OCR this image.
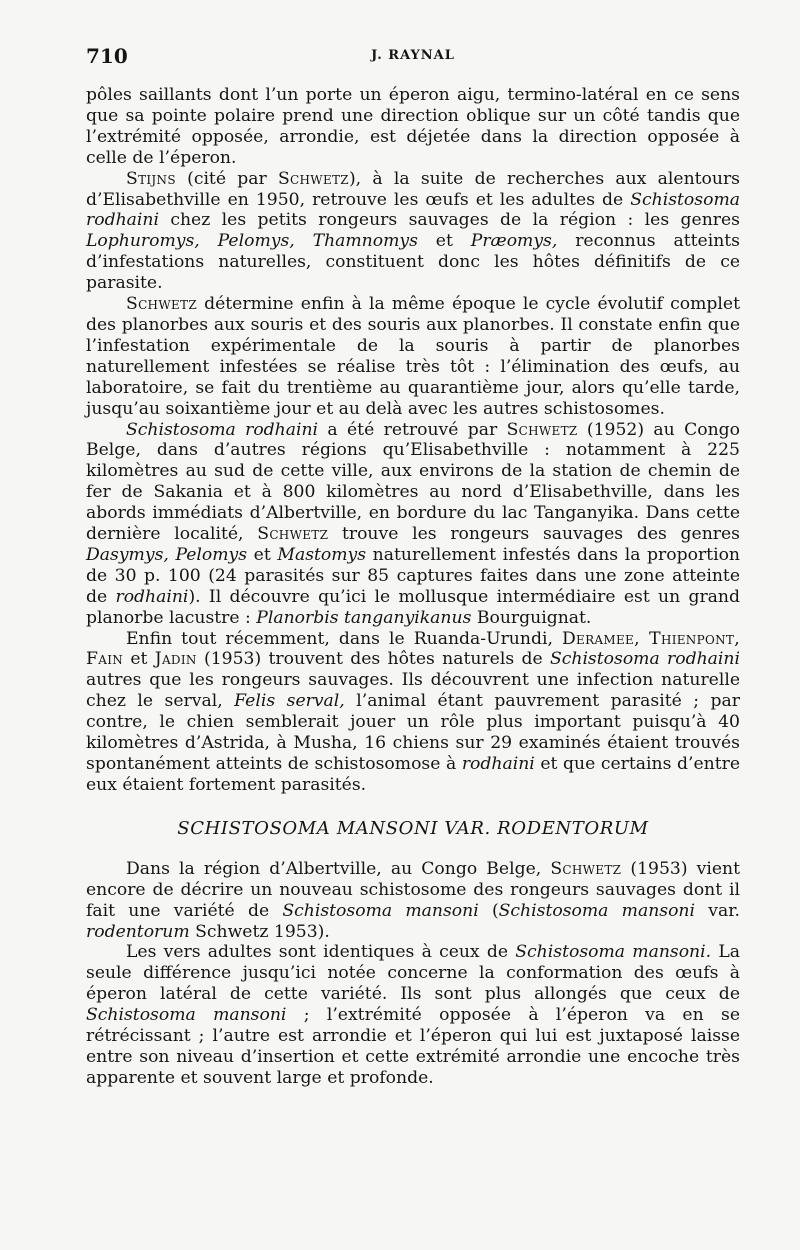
710	J. RAYNAL

pôles saillants dont l’un porte un éperon aigu, termino-latéral en ce sens que sa pointe polaire prend une direction oblique sur un côté tandis que l’extrémité opposée, arrondie, est déjetée dans la direction opposée à celle de l’éperon.

Stijns (cité par Schwetz), à la suite de recherches aux alentours d’Elisabethville en 1950, retrouve les œufs et les adultes de Schistosoma rodhaini chez les petits rongeurs sauvages de la région : les genres Lophuromys, Pelomys, Thamnomys et Præomys, reconnus atteints d’infestations naturelles, constituent donc les hôtes définitifs de ce parasite.

Schwetz détermine enfin à la même époque le cycle évolutif complet des planorbes aux souris et des souris aux planorbes. Il constate enfin que l’infestation expérimentale de la souris à partir de planorbes naturellement infestées se réalise très tôt : l’élimination des œufs, au laboratoire, se fait du trentième au quarantième jour, alors qu’elle tarde, jusqu’au soixantième jour et au delà avec les autres schistosomes.

Schistosoma rodhaini a été retrouvé par Schwetz (1952) au Congo Belge, dans d’autres régions qu’Elisabethville : notamment à 225 kilomètres au sud de cette ville, aux environs de la station de chemin de fer de Sakania et à 800 kilomètres au nord d’Elisabethville, dans les abords immédiats d’Albertville, en bordure du lac Tanganyika. Dans cette dernière localité, Schwetz trouve les rongeurs sauvages des genres Dasymys, Pelomys et Mastomys naturellement infestés dans la proportion de 30 p. 100 (24 parasités sur 85 captures faites dans une zone atteinte de rodhaini). Il découvre qu’ici le mollusque intermédiaire est un grand planorbe lacustre : Planorbis tanganyikanus Bourguignat.

Enfin tout récemment, dans le Ruanda-Urundi, Deramee, Thienpont, Fain et Jadin (1953) trouvent des hôtes naturels de Schistosoma rodhaini autres que les rongeurs sauvages. Ils découvrent une infection naturelle chez le serval, Felis serval, l’animal étant pauvrement parasité ; par contre, le chien semblerait jouer un rôle plus important puisqu’à 40 kilomètres d’Astrida, à Musha, 16 chiens sur 29 examinés étaient trouvés spontanément atteints de schistosomose à rodhaini et que certains d’entre eux étaient fortement parasités.

SCHISTOSOMA MANSONI VAR. RODENTORUM

Dans la région d’Albertville, au Congo Belge, Schwetz (1953) vient encore de décrire un nouveau schistosome des rongeurs sauvages dont il fait une variété de Schistosoma mansoni (Schistosoma mansoni var. rodentorum Schwetz 1953).

Les vers adultes sont identiques à ceux de Schistosoma mansoni. La seule différence jusqu’ici notée concerne la conformation des œufs à éperon latéral de cette variété. Ils sont plus allongés que ceux de Schistosoma mansoni ; l’extrémité opposée à l’éperon va en se rétrécissant ; l’autre est arrondie et l’éperon qui lui est juxtaposé laisse entre son niveau d’insertion et cette extrémité arrondie une encoche très apparente et souvent large et profonde.
